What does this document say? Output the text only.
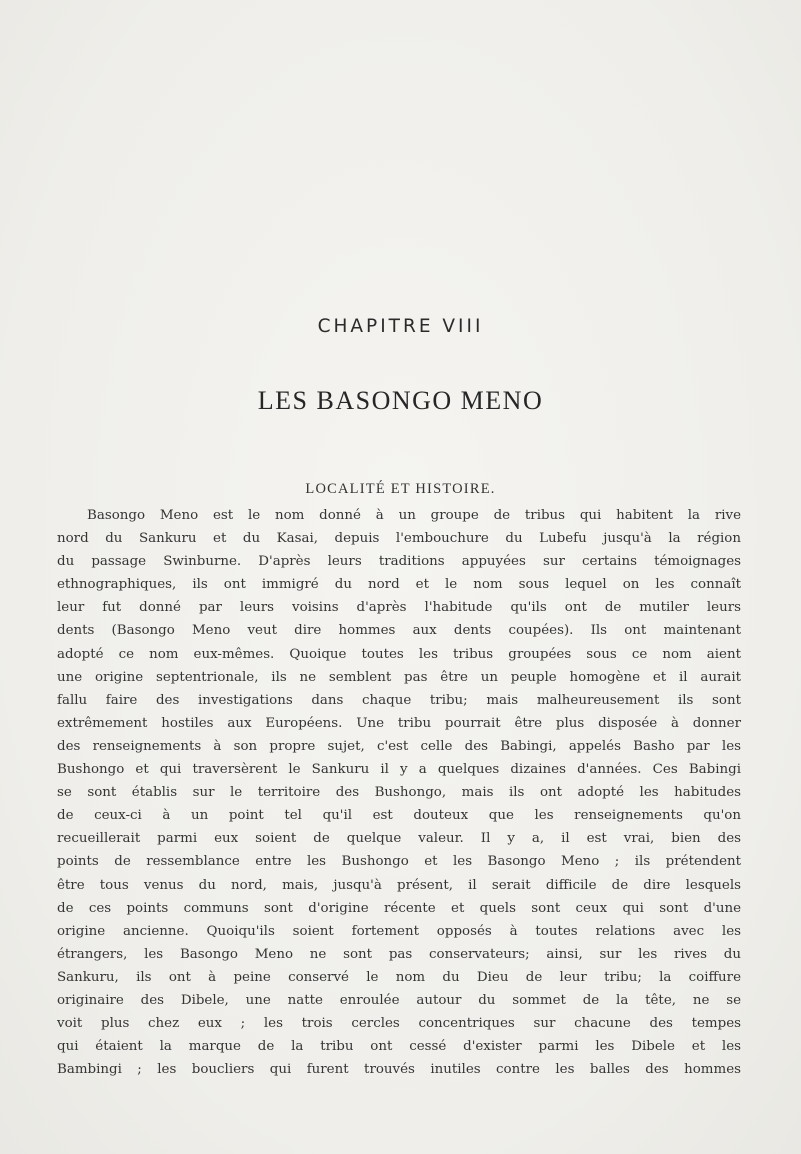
CHAPITRE VIII
LES BASONGO MENO
LOCALITÉ ET HISTOIRE.
Basongo Meno est le nom donné à un groupe de tribus qui habitent la rive
nord du Sankuru et du Kasai, depuis l'embouchure du Lubefu jusqu'à la région
du passage Swinburne. D'après leurs traditions appuyées sur certains témoignages
ethnographiques, ils ont immigré du nord et le nom sous lequel on les connaît
leur fut donné par leurs voisins d'après l'habitude qu'ils ont de mutiler leurs
dents (Basongo Meno veut dire hommes aux dents coupées). Ils ont maintenant
adopté ce nom eux-mêmes. Quoique toutes les tribus groupées sous ce nom aient
une origine septentrionale, ils ne semblent pas être un peuple homogène et il aurait
fallu faire des investigations dans chaque tribu; mais malheureusement ils sont
extrêmement hostiles aux Européens. Une tribu pourrait être plus disposée à donner
des renseignements à son propre sujet, c'est celle des Babingi, appelés Basho par les
Bushongo et qui traversèrent le Sankuru il y a quelques dizaines d'années. Ces Babingi
se sont établis sur le territoire des Bushongo, mais ils ont adopté les habitudes
de ceux-ci à un point tel qu'il est douteux que les renseignements qu'on
recueillerait parmi eux soient de quelque valeur. Il y a, il est vrai, bien des
points de ressemblance entre les Bushongo et les Basongo Meno ; ils prétendent
être tous venus du nord, mais, jusqu'à présent, il serait difficile de dire lesquels
de ces points communs sont d'origine récente et quels sont ceux qui sont d'une
origine ancienne. Quoiqu'ils soient fortement opposés à toutes relations avec les
étrangers, les Basongo Meno ne sont pas conservateurs; ainsi, sur les rives du
Sankuru, ils ont à peine conservé le nom du Dieu de leur tribu; la coiffure
originaire des Dibele, une natte enroulée autour du sommet de la tête, ne se
voit plus chez eux ; les trois cercles concentriques sur chacune des tempes
qui étaient la marque de la tribu ont cessé d'exister parmi les Dibele et les
Bambingi ; les boucliers qui furent trouvés inutiles contre les balles des hommes
